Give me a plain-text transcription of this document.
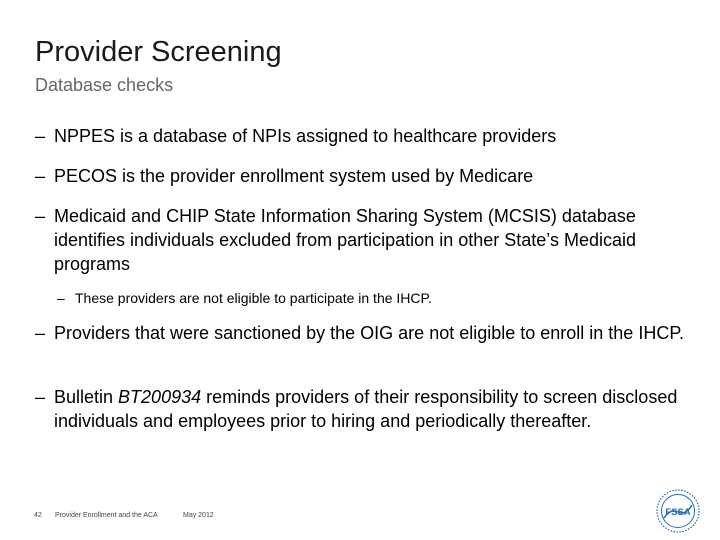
Provider Screening
Database checks
– NPPES is a database of NPIs assigned to healthcare providers
– PECOS is the provider enrollment system used by Medicare
– Medicaid and CHIP State Information Sharing System (MCSIS) database identifies individuals excluded from participation in other State’s Medicaid programs
– These providers are not eligible to participate in the IHCP.
– Providers that were sanctioned by the OIG are not eligible to enroll in the IHCP.
– Bulletin BT200934 reminds providers of their responsibility to screen disclosed individuals and employees prior to hiring and periodically thereafter.
42 Provider Enrollment and the ACA	May 2012	FSSA
